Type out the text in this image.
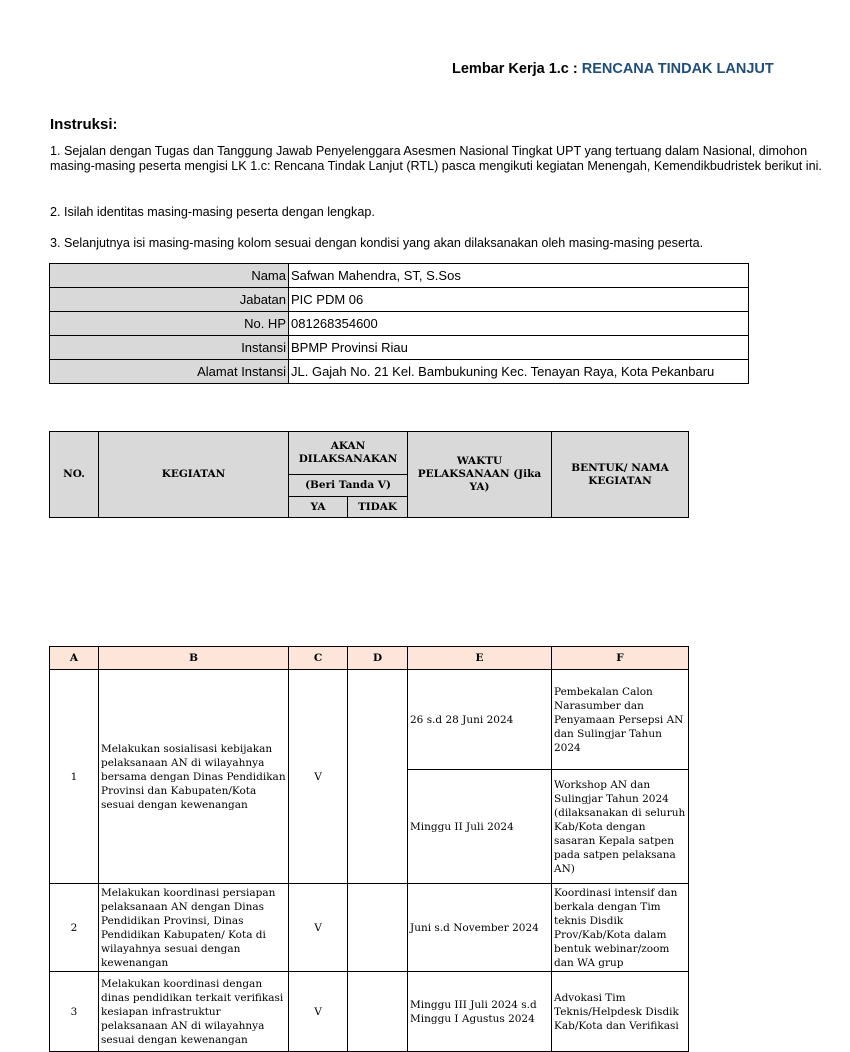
Lembar Kerja 1.c : RENCANA TINDAK LANJUT
Instruksi:
1. Sejalan dengan Tugas dan Tanggung Jawab Penyelenggara Asesmen Nasional Tingkat UPT yang tertuang dalam Nasional, dimohon masing-masing peserta mengisi LK 1.c: Rencana Tindak Lanjut (RTL) pasca mengikuti kegiatan Menengah, Kemendikbudristek berikut ini.
2. Isilah identitas masing-masing peserta dengan lengkap.
3. Selanjutnya isi masing-masing kolom sesuai dengan kondisi yang akan dilaksanakan oleh masing-masing peserta.
Nama	Safwan Mahendra, ST, S.Sos
Jabatan	PIC PDM 06
No. HP	081268354600
Instansi	BPMP Provinsi Riau
Alamat Instansi	JL. Gajah No. 21 Kel. Bambukuning Kec. Tenayan Raya, Kota Pekanbaru
NO.	KEGIATAN	AKAN DILAKSANAKAN		WAKTU PELAKSANAAN (Jika YA)	BENTUK/ NAMA KEGIATAN
		(Beri Tanda V)			
		YA	TIDAK		
A	B	C	D	E	F
1	Melakukan sosialisasi kebijakan pelaksanaan AN di wilayahnya bersama dengan Dinas Pendidikan Provinsi dan Kabupaten/Kota sesuai dengan kewenangan	V		26 s.d 28 Juni 2024	Pembekalan Calon Narasumber dan Penyamaan Persepsi AN dan Sulingjar Tahun 2024
				Minggu II Juli 2024	Workshop AN dan Sulingjar Tahun 2024 (dilaksanakan di seluruh Kab/Kota dengan sasaran Kepala satpen pada satpen pelaksana AN)
2	Melakukan koordinasi persiapan pelaksanaan AN dengan Dinas Pendidikan Provinsi, Dinas Pendidikan Kabupaten/ Kota di wilayahnya sesuai dengan kewenangan	V		Juni s.d November 2024	Koordinasi intensif dan berkala dengan Tim teknis Disdik Prov/Kab/Kota dalam bentuk webinar/zoom dan WA grup
3	Melakukan koordinasi dengan dinas pendidikan terkait verifikasi kesiapan infrastruktur pelaksanaan AN di wilayahnya sesuai dengan kewenangan	V		Minggu III Juli 2024 s.d Minggu I Agustus 2024	Advokasi Tim Teknis/Helpdesk Disdik Kab/Kota dan Verifikasi
